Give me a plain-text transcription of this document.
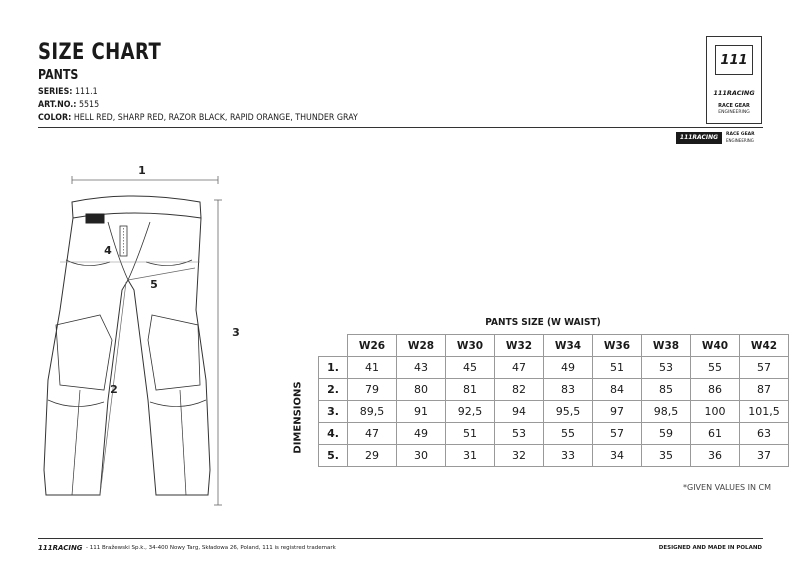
SIZE CHART
PANTS
SERIES: 111.1
ART.NO.: 5515
COLOR: HELL RED, SHARP RED, RAZOR BLACK, RAPID ORANGE, THUNDER GRAY
111
111RACING
RACE GEAR
ENGINEERING
111RACING	RACE GEAR
ENGINEERING
1
2
3
4
5
PANTS SIZE (W WAIST)
DIMENSIONS
	W26	W28	W30	W32	W34	W36	W38	W40	W42
1.	41	43	45	47	49	51	53	55	57
2.	79	80	81	82	83	84	85	86	87
3.	89,5	91	92,5	94	95,5	97	98,5	100	101,5
4.	47	49	51	53	55	57	59	61	63
5.	29	30	31	32	33	34	35	36	37
*GIVEN VALUES IN CM
111RACING - 111 Bražewski Sp.k., 34-400 Nowy Targ, Składowa 26, Poland, 111 is registred trademark	DESIGNED AND MADE IN POLAND
